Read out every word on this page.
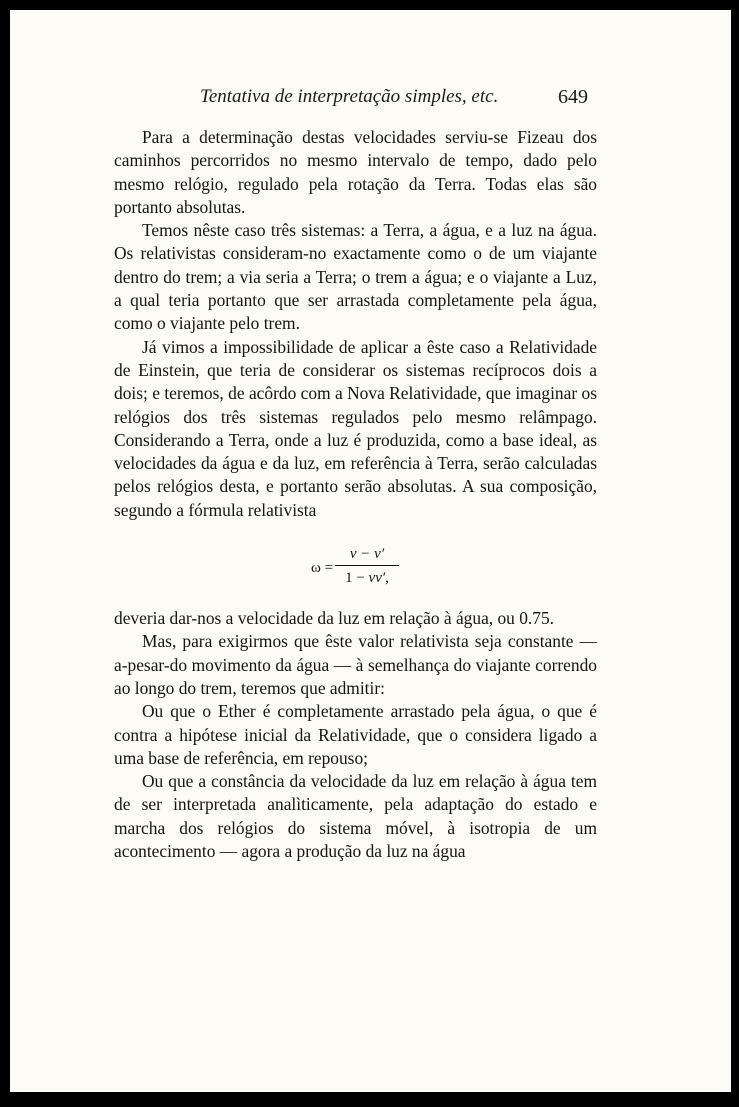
Tentativa de interpretação simples, etc.	649

Para a determinação destas velocidades serviu-se Fizeau dos caminhos percorridos no mesmo intervalo de tempo, dado pelo mesmo relógio, regulado pela rotação da Terra. Todas elas são portanto absolutas.

Temos nêste caso três sistemas: a Terra, a água, e a luz na água. Os relativistas consideram-no exactamente como o de um viajante dentro do trem; a via seria a Terra; o trem a água; e o viajante a Luz, a qual teria portanto que ser arrastada completamente pela água, como o viajante pelo trem.

Já vimos a impossibilidade de aplicar a êste caso a Relatividade de Einstein, que teria de considerar os sistemas recíprocos dois a dois; e teremos, de acôrdo com a Nova Relatividade, que imaginar os relógios dos três sistemas regulados pelo mesmo relâmpago. Considerando a Terra, onde a luz é produzida, como a base ideal, as velocidades da água e da luz, em referência à Terra, serão calculadas pelos relógios desta, e portanto serão absolutas. A sua composição, segundo a fórmula relativista

ω =
v − v′
1 − vv′,

deveria dar-nos a velocidade da luz em relação à água, ou 0.75.

Mas, para exigirmos que êste valor relativista seja constante — a-pesar-do movimento da água — à semelhança do viajante correndo ao longo do trem, teremos que admitir:

Ou que o Ether é completamente arrastado pela água, o que é contra a hipótese inicial da Relatividade, que o considera ligado a uma base de referência, em repouso;

Ou que a constância da velocidade da luz em relação à água tem de ser interpretada analìticamente, pela adaptação do estado e marcha dos relógios do sistema móvel, à isotropia de um acontecimento — agora a produção da luz na água
